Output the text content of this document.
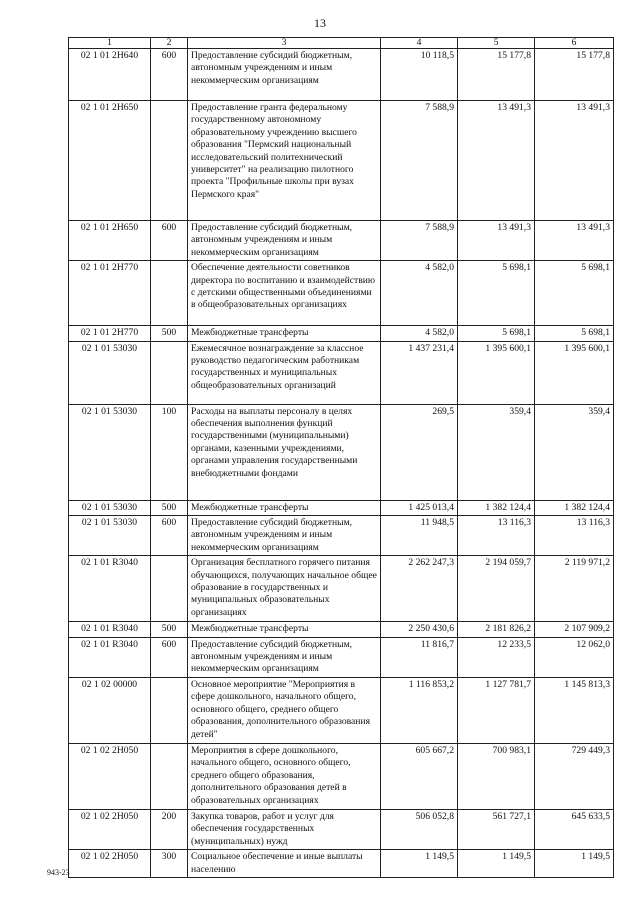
13
1	2	3	4	5	6
02 1 01 2Н640	600	Предоставление субсидий бюджетным, автономным учреждениям и иным некоммерческим организациям	10 118,5	15 177,8	15 177,8
02 1 01 2Н650		Предоставление гранта федеральному государственному автономному образовательному учреждению высшего образования "Пермский национальный исследовательский политехнический университет" на реализацию пилотного проекта "Профильные школы при вузах Пермского края"	7 588,9	13 491,3	13 491,3
02 1 01 2Н650	600	Предоставление субсидий бюджетным, автономным учреждениям и иным некоммерческим организациям	7 588,9	13 491,3	13 491,3
02 1 01 2Н770		Обеспечение деятельности советников директора по воспитанию и взаимодействию с детскими общественными объединениями в общеобразовательных организациях	4 582,0	5 698,1	5 698,1
02 1 01 2Н770	500	Межбюджетные трансферты	4 582,0	5 698,1	5 698,1
02 1 01 53030		Ежемесячное вознаграждение за классное руководство педагогическим работникам государственных и муниципальных общеобразовательных организаций	1 437 231,4	1 395 600,1	1 395 600,1
02 1 01 53030	100	Расходы на выплаты персоналу в целях обеспечения выполнения функций государственными (муниципальными) органами, казенными учреждениями, органами управления государственными внебюджетными фондами	269,5	359,4	359,4
02 1 01 53030	500	Межбюджетные трансферты	1 425 013,4	1 382 124,4	1 382 124,4
02 1 01 53030	600	Предоставление субсидий бюджетным, автономным учреждениям и иным некоммерческим организациям	11 948,5	13 116,3	13 116,3
02 1 01 R3040		Организация бесплатного горячего питания обучающихся, получающих начальное общее образование в государственных и муниципальных образовательных организациях	2 262 247,3	2 194 059,7	2 119 971,2
02 1 01 R3040	500	Межбюджетные трансферты	2 250 430,6	2 181 826,2	2 107 909,2
02 1 01 R3040	600	Предоставление субсидий бюджетным, автономным учреждениям и иным некоммерческим организациям	11 816,7	12 233,5	12 062,0
02 1 02 00000		Основное мероприятие "Мероприятия в сфере дошкольного, начального общего, основного общего, среднего общего образования, дополнительного образования детей"	1 116 853,2	1 127 781,7	1 145 813,3
02 1 02 2Н050		Мероприятия в сфере дошкольного, начального общего, основного общего, среднего общего образования, дополнительного образования детей в образовательных организациях	605 667,2	700 983,1	729 449,3
02 1 02 2Н050	200	Закупка товаров, работ и услуг для обеспечения государственных (муниципальных) нужд	506 052,8	561 727,1	645 633,5
02 1 02 2Н050	300	Социальное обеспечение и иные выплаты населению	1 149,5	1 149,5	1 149,5
943-23
